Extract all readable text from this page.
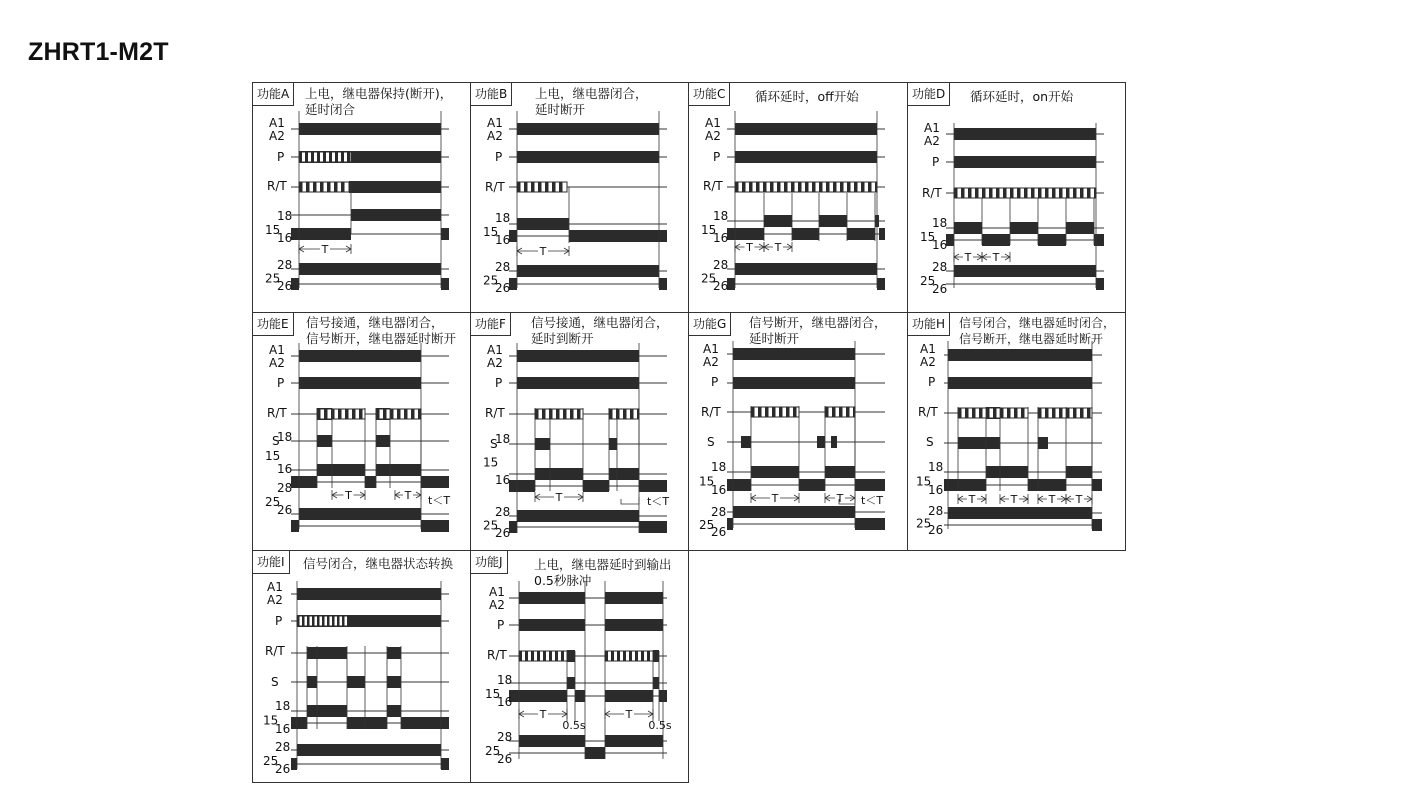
ZHRT1-M2T
A1
A2
P
R/T
18
15
16
28
25
26
T
功能A	上电，继电器保持(断开)，
延时闭合
A1
A2
P
R/T
18
15
16
28
25
26
T
功能B	上电，继电器闭合，
延时断开
A1
A2
P
R/T
18
15
16
28
25
26
T T
功能C	循环延时，off开始
A1
A2
P
R/T
18
15
16
28
25
26
T T
功能D	循环延时，on开始
A1
A2
P
R/T
18
15
16
28
25
26
S
T	T t＜T
功能E	信号接通，继电器闭合，
信号断开，继电器延时断开
A1
A2
P
R/T
18
15
16
28
25
26
S
T	t＜T
功能F	信号接通，继电器闭合，
延时到断开
A1
A2
P
R/T
18
15
16
28
25
26
S
T	T t＜T
功能G	信号断开，继电器闭合，
延时断开
A1
A2
P
R/T
18
15
16
28
25
26
S
T	T	T T
功能H	信号闭合，继电器延时闭合，
信号断开，继电器延时断开
A1
A2
P
R/T
18
15
16
28
25
26
S
功能I	信号闭合，继电器状态转换
A1
A2
P
R/T
18
15
16
28
25
26
T	T
0.5s	0.5s
功能J	上电，继电器延时到输出
0.5秒脉冲
